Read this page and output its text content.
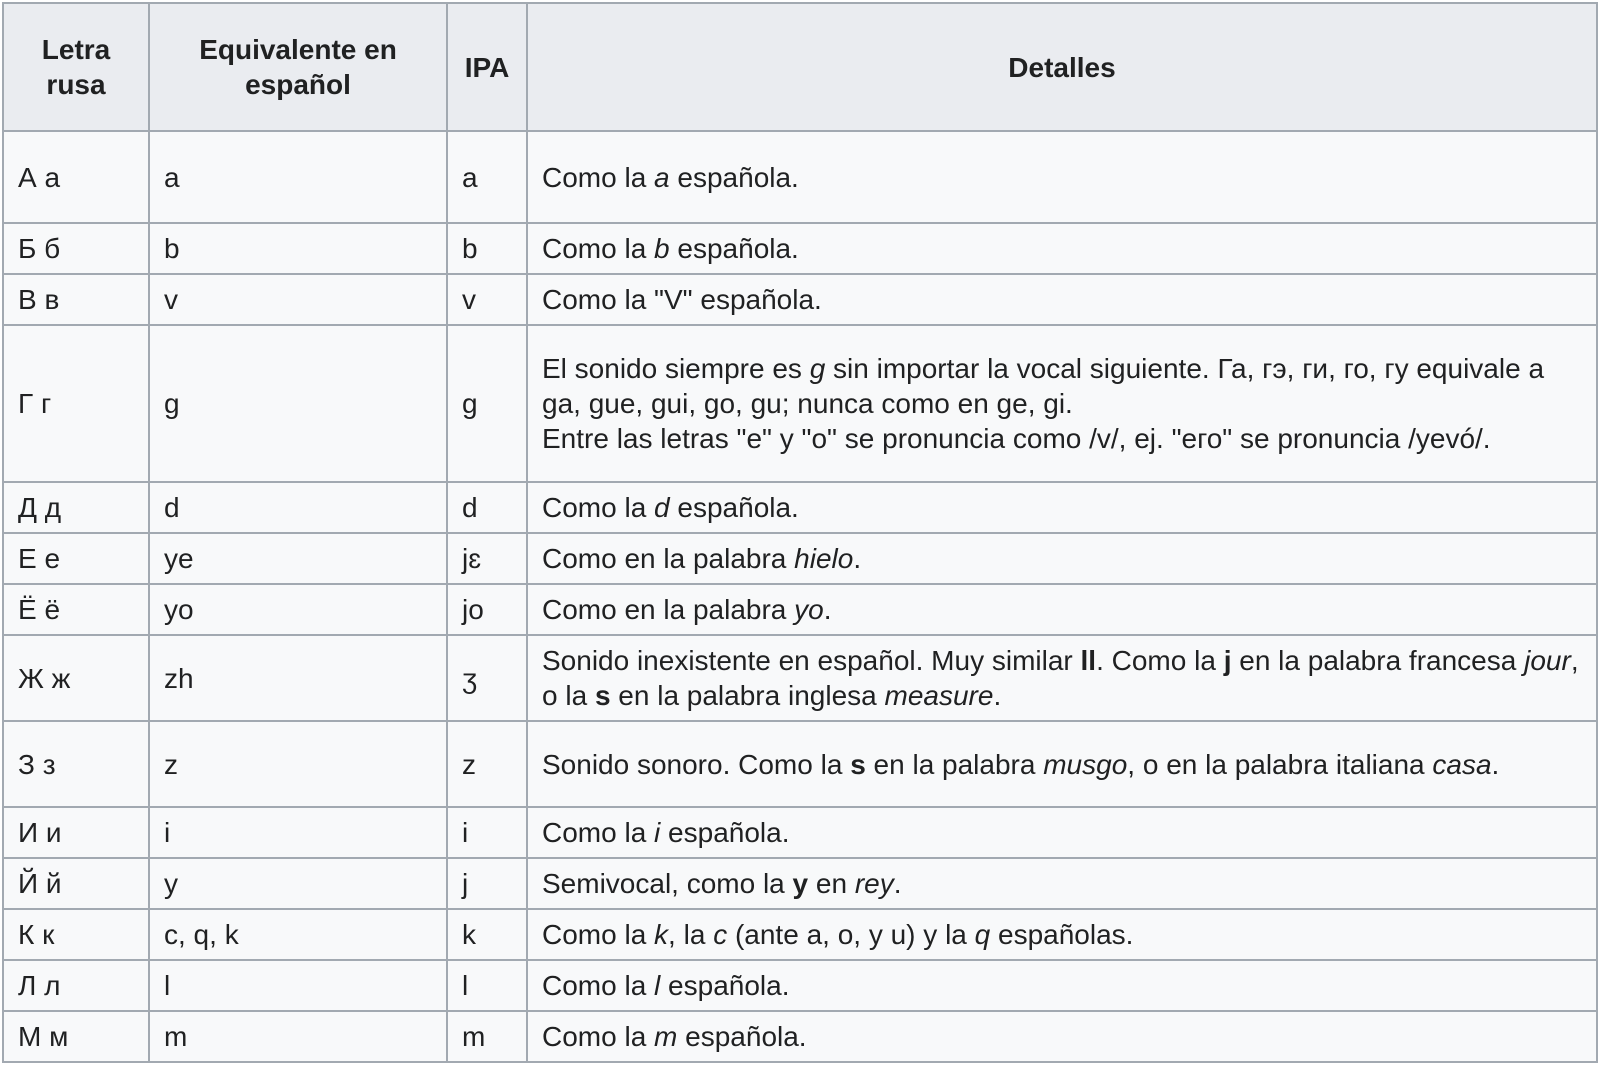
Letra rusa	Equivalente en español	IPA	Detalles
А а	a	a	Como la a española.
Б б	b	b	Como la b española.
В в	v	v	Como la "V" española.
Г г	g	g	El sonido siempre es g sin importar la vocal siguiente. Га, гэ, ги, го, гу equivale a ga, gue, gui, go, gu; nunca como en ge, gi.
Entre las letras "е" y "о" se pronuncia como /v/, ej. "его" se pronuncia /yevó/.
Д д	d	d	Como la d española.
Е е	ye	jɛ	Como en la palabra hielo.
Ё ё	yo	jo	Como en la palabra yo.
Ж ж	zh	ʒ	Sonido inexistente en español. Muy similar ll. Como la j en la palabra francesa jour, o la s en la palabra inglesa measure.
З з	z	z	Sonido sonoro. Como la s en la palabra musgo, o en la palabra italiana casa.
И и	i	i	Como la i española.
Й й	y	j	Semivocal, como la y en rey.
К к	c, q, k	k	Como la k, la c (ante a, o, y u) y la q españolas.
Л л	l	l	Como la l española.
М м	m	m	Como la m española.
